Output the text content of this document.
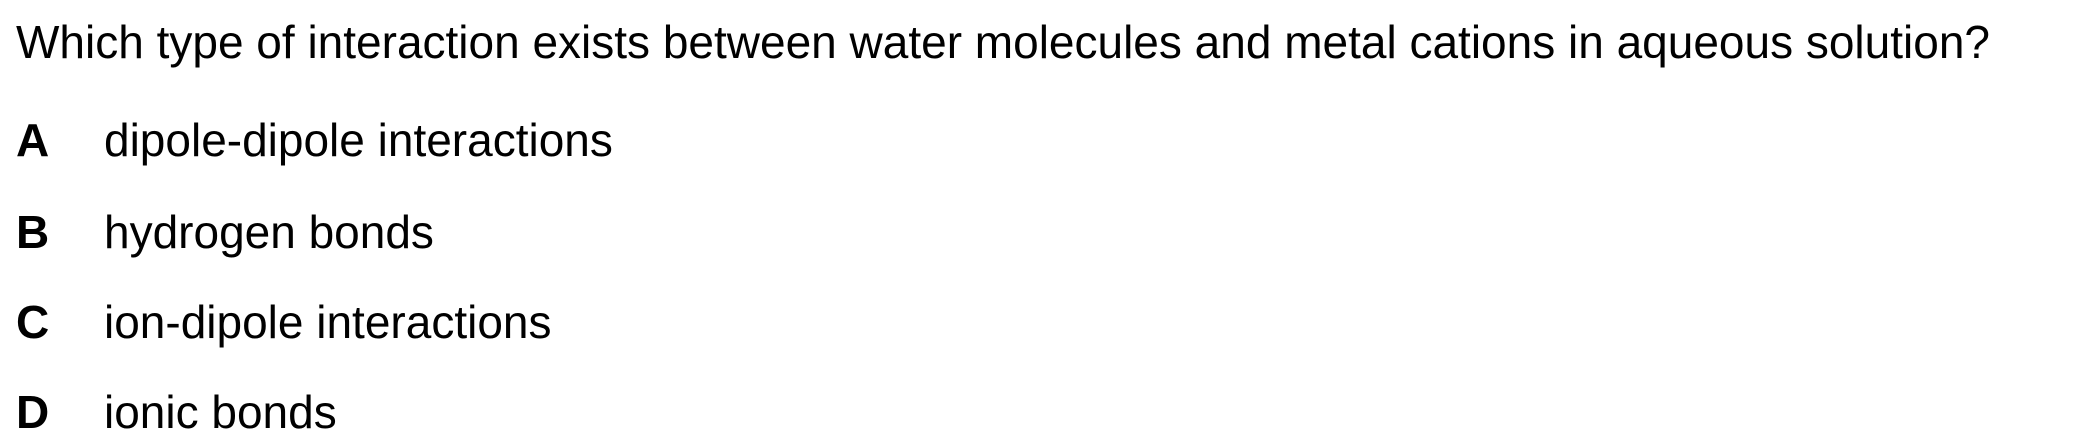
Which type of interaction exists between water molecules and metal cations in aqueous solution?
A	dipole-dipole interactions
B	hydrogen bonds
C	ion-dipole interactions
D	ionic bonds
